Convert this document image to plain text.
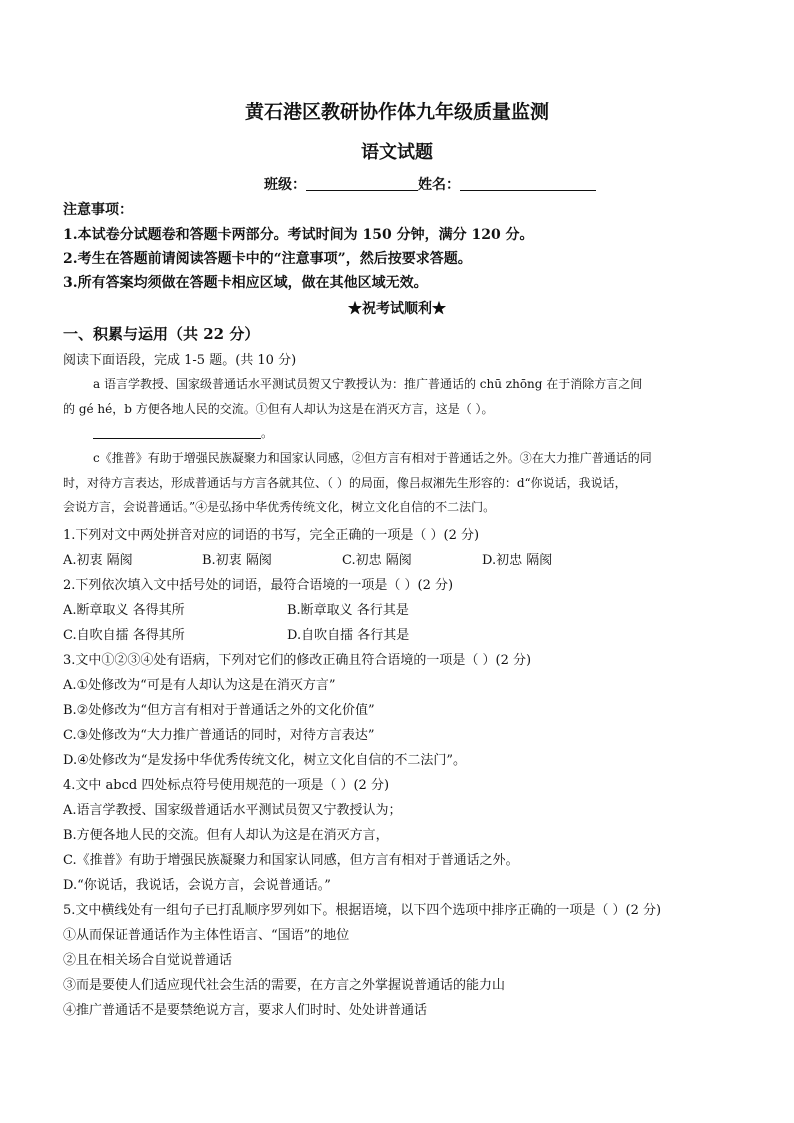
黄石港区教研协作体九年级质量监测
语文试题
班级：	姓名：
注意事项：
1.本试卷分试题卷和答题卡两部分。考试时间为 150 分钟，满分 120 分。
2.考生在答题前请阅读答题卡中的“注意事项”，然后按要求答题。
3.所有答案均须做在答题卡相应区域，做在其他区域无效。
★祝考试顺利★
一、积累与运用（共 22 分）
阅读下面语段，完成 1-5 题。(共 10 分)
a 语言学教授、国家级普通话水平测试员贺又宁教授认为：推广普通话的 chū zhōng 在于消除方言之间
的 gé hé，b 方便各地人民的交流。①但有人却认为这是在消灭方言，这是（ ）。
。
c《推普》有助于增强民族凝聚力和国家认同感，②但方言有相对于普通话之外。③在大力推广普通话的同
时，对待方言表达，形成普通话与方言各就其位、（ ）的局面，像吕叔湘先生形容的：d“你说话，我说话，
会说方言，会说普通话。”④是弘扬中华优秀传统文化，树立文化自信的不二法门。
1.下列对文中两处拼音对应的词语的书写，完全正确的一项是（ ）(2 分)
A.初衷 隔阂	B.初衷 隔阂	C.初忠 隔阂	D.初忠 隔阂
2.下列依次填入文中括号处的词语，最符合语境的一项是（ ）(2 分)
A.断章取义 各得其所	B.断章取义 各行其是
C.自吹自擂 各得其所	D.自吹自擂 各行其是
3.文中①②③④处有语病，下列对它们的修改正确且符合语境的一项是（ ）(2 分)
A.①处修改为“可是有人却认为这是在消灭方言”
B.②处修改为“但方言有相对于普通话之外的文化价值”
C.③处修改为“大力推广普通话的同时，对待方言表达”
D.④处修改为“是发扬中华优秀传统文化，树立文化自信的不二法门”。
4.文中 abcd 四处标点符号使用规范的一项是（ ）(2 分)
A.语言学教授、国家级普通话水平测试员贺又宁教授认为；
B.方便各地人民的交流。但有人却认为这是在消灭方言，
C.《推普》有助于增强民族凝聚力和国家认同感，但方言有相对于普通话之外。
D.“你说话，我说话，会说方言，会说普通话。”
5.文中横线处有一组句子已打乱顺序罗列如下。根据语境，以下四个选项中排序正确的一项是（ ）(2 分)
①从而保证普通话作为主体性语言、“国语”的地位
②且在相关场合自觉说普通话
③而是要使人们适应现代社会生活的需要，在方言之外掌握说普通话的能力山
④推广普通话不是要禁绝说方言，要求人们时时、处处讲普通话
